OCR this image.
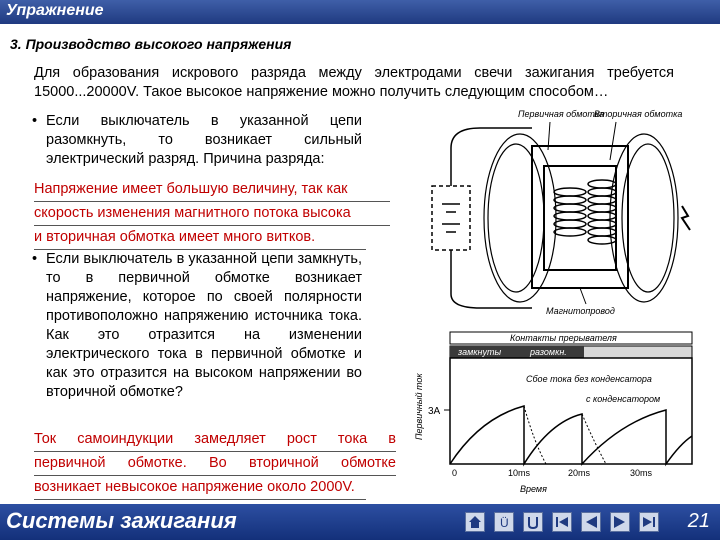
Упражнение
3. Производство высокого напряжения
Для образования искрового разряда между электродами свечи зажигания требуется 15000...20000V. Такое высокое напряжение можно получить следующим способом…
• Если выключатель в указанной цепи разомкнуть, то возникает сильный электрический разряд. Причина разряда:
Напряжение имеет большую величину, так как
скорость изменения магнитного потока высока
и вторичная обмотка имеет много витков.
• Если выключатель в указанной цепи замкнуть, то в первичной обмотке возникает напряжение, которое по своей полярности противоположно напряжению источника тока. Как это отразится на изменении электрического тока в первичной обмотке и как это отразится на высоком напряжении во вторичной обмотке?
Ток самоиндукции замедляет рост тока в
первичной обмотке. Во вторичной обмотке
возникает невысокое напряжение около 2000V.
Первичная обмотка
Вторичная обмотка
Магнитопровод
Контакты прерывателя
замкнуты	разомкн.
Первичный ток 3A
Сбое тока без конденсатора
с конденсатором
0	10ms	20ms	30ms
Время
Системы зажигания	21
Ü
